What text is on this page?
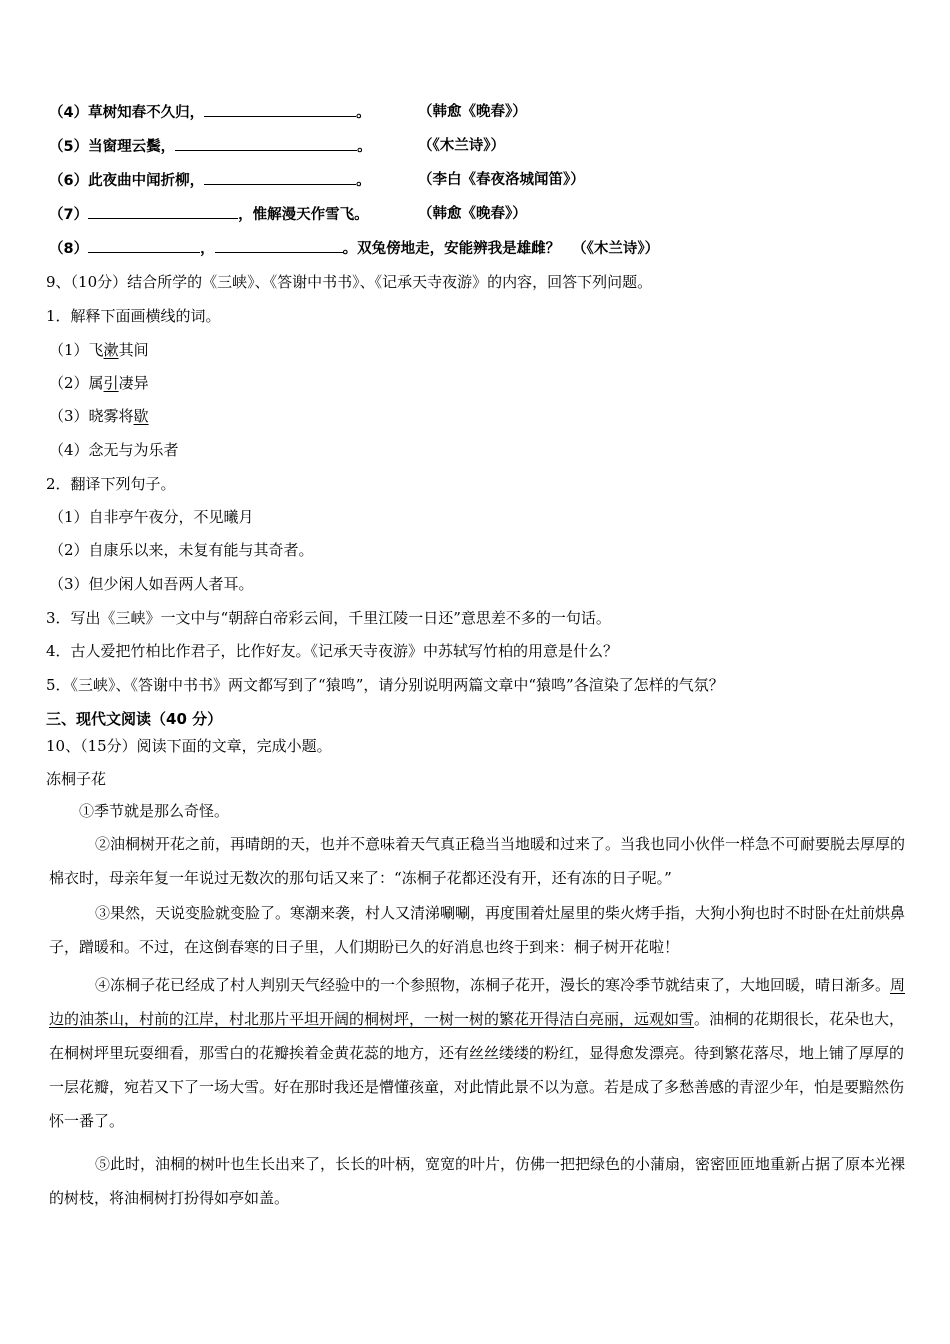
（4）草树知春不久归，	。	（韩愈《晚春》）
（5）当窗理云鬓，	。	（《木兰诗》）
（6）此夜曲中闻折柳，	。	（李白《春夜洛城闻笛》）
（7）	，惟解漫天作雪飞。	（韩愈《晚春》）
（8）	，	。双兔傍地走，安能辨我是雄雌？ （《木兰诗》）
9、（10分）结合所学的《三峡》、《答谢中书书》、《记承天寺夜游》的内容，回答下列问题。
1．解释下面画横线的词。
（1）飞漱其间
（2）属引凄异
（3）晓雾将歇
（4）念无与为乐者
2．翻译下列句子。
（1）自非亭午夜分，不见曦月
（2）自康乐以来，未复有能与其奇者。
（3）但少闲人如吾两人者耳。
3．写出《三峡》一文中与“朝辞白帝彩云间，千里江陵一日还”意思差不多的一句话。
4．古人爱把竹柏比作君子，比作好友。《记承天寺夜游》中苏轼写竹柏的用意是什么？
5．《三峡》、《答谢中书书》两文都写到了“猿鸣”，请分别说明两篇文章中“猿鸣”各渲染了怎样的气氛？
三、现代文阅读（40 分）
10、（15分）阅读下面的文章，完成小题。
冻桐子花
①季节就是那么奇怪。
②油桐树开花之前，再晴朗的天，也并不意味着天气真正稳当当地暖和过来了。当我也同小伙伴一样急不可耐要脱去厚厚的棉衣时，母亲年复一年说过无数次的那句话又来了：“冻桐子花都还没有开，还有冻的日子呢。”
③果然，天说变脸就变脸了。寒潮来袭，村人又清涕唰唰，再度围着灶屋里的柴火烤手指，大狗小狗也时不时卧在灶前烘鼻子，蹭暖和。不过，在这倒春寒的日子里，人们期盼已久的好消息也终于到来：桐子树开花啦！
④冻桐子花已经成了村人判别天气经验中的一个参照物，冻桐子花开，漫长的寒冷季节就结束了，大地回暖，晴日渐多。周边的油茶山，村前的江岸，村北那片平坦开阔的桐树坪，一树一树的繁花开得洁白亮丽，远观如雪。油桐的花期很长，花朵也大，在桐树坪里玩耍细看，那雪白的花瓣挨着金黄花蕊的地方，还有丝丝缕缕的粉红，显得愈发漂亮。待到繁花落尽，地上铺了厚厚的一层花瓣，宛若又下了一场大雪。好在那时我还是懵懂孩童，对此情此景不以为意。若是成了多愁善感的青涩少年，怕是要黯然伤怀一番了。
⑤此时，油桐的树叶也生长出来了，长长的叶柄，宽宽的叶片，仿佛一把把绿色的小蒲扇，密密匝匝地重新占据了原本光裸的树枝，将油桐树打扮得如亭如盖。
